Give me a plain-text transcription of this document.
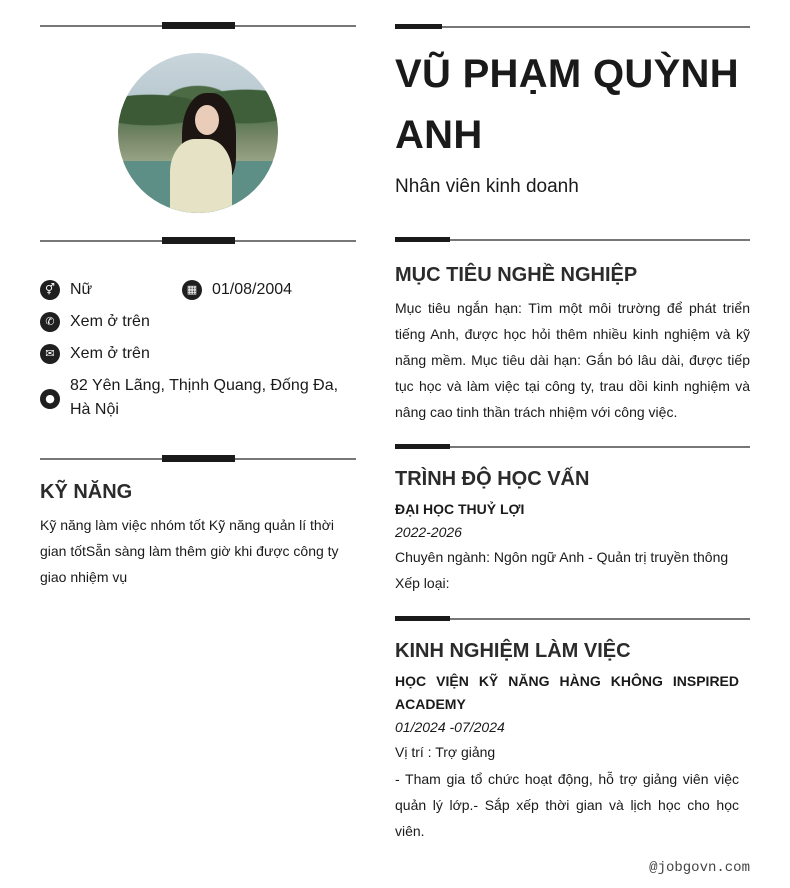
⚥ Nữ	▦ 01/08/2004
✆ Xem ở trên
✉ Xem ở trên
●
82 Yên Lãng, Thịnh Quang, Đống Đa, Hà Nội
KỸ NĂNG

Kỹ năng làm việc nhóm tốt Kỹ năng quản lí thời gian tốtSẵn sàng làm thêm giờ khi được công ty giao nhiệm vụ

VŨ PHẠM QUỲNH ANH
Nhân viên kinh doanh
MỤC TIÊU NGHỀ NGHIỆP

Mục tiêu ngắn hạn: Tìm một môi trường để phát triển tiếng Anh, được học hỏi thêm nhiều kinh nghiệm và kỹ năng mềm. Mục tiêu dài hạn: Gắn bó lâu dài, được tiếp tục học và làm việc tại công ty, trau dồi kinh nghiệm và nâng cao tinh thần trách nhiệm với công việc.

TRÌNH ĐỘ HỌC VẤN
ĐẠI HỌC THUỶ LỢI
2022-2026
Chuyên ngành: Ngôn ngữ Anh - Quản trị truyền thông
Xếp loại:
KINH NGHIỆM LÀM VIỆC
HỌC VIỆN KỸ NĂNG HÀNG KHÔNG INSPIRED ACADEMY
01/2024 -07/2024
Vị trí : Trợ giảng

- Tham gia tổ chức hoạt động, hỗ trợ giảng viên việc quản lý lớp.- Sắp xếp thời gian và lịch học cho học viên.

@jobgovn.com
